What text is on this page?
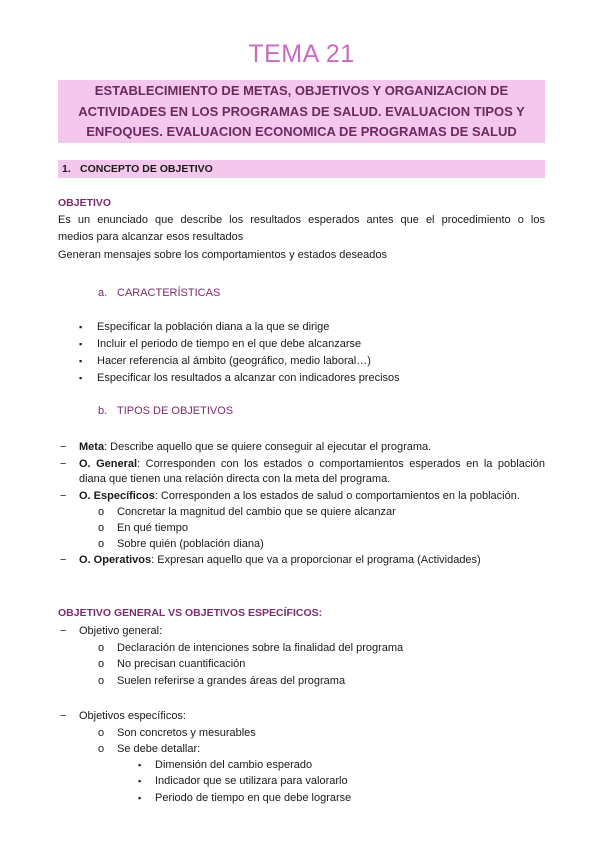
TEMA 21
ESTABLECIMIENTO DE METAS, OBJETIVOS Y ORGANIZACION DE
ACTIVIDADES EN LOS PROGRAMAS DE SALUD. EVALUACION TIPOS Y
ENFOQUES. EVALUACION ECONOMICA DE PROGRAMAS DE SALUD
1. CONCEPTO DE OBJETIVO
OBJETIVO
Es un enunciado que describe los resultados esperados antes que el procedimiento o los
medios para alcanzar esos resultados
Generan mensajes sobre los comportamientos y estados deseados
a. CARACTERÍSTICAS
▪ Especificar la población diana a la que se dirige
▪ Incluir el periodo de tiempo en el que debe alcanzarse
▪ Hacer referencia al ámbito (geográfico, medio laboral…)
▪ Especificar los resultados a alcanzar con indicadores precisos
b. TIPOS DE OBJETIVOS
− Meta: Describe aquello que se quiere conseguir al ejecutar el programa.
− O. General: Corresponden con los estados o comportamientos esperados en la población
diana que tienen una relación directa con la meta del programa.
− O. Específicos: Corresponden a los estados de salud o comportamientos en la población.
o Concretar la magnitud del cambio que se quiere alcanzar
o En qué tiempo
o Sobre quién (población diana)
− O. Operativos: Expresan aquello que va a proporcionar el programa (Actividades)
OBJETIVO GENERAL VS OBJETIVOS ESPECÍFICOS:
− Objetivo general:
o Declaración de intenciones sobre la finalidad del programa
o No precisan cuantificación
o Suelen referirse a grandes áreas del programa
− Objetivos específicos:
o Son concretos y mesurables
o Se debe detallar:
▪ Dimensión del cambio esperado
▪ Indicador que se utilizara para valorarlo
▪ Periodo de tiempo en que debe lograrse
